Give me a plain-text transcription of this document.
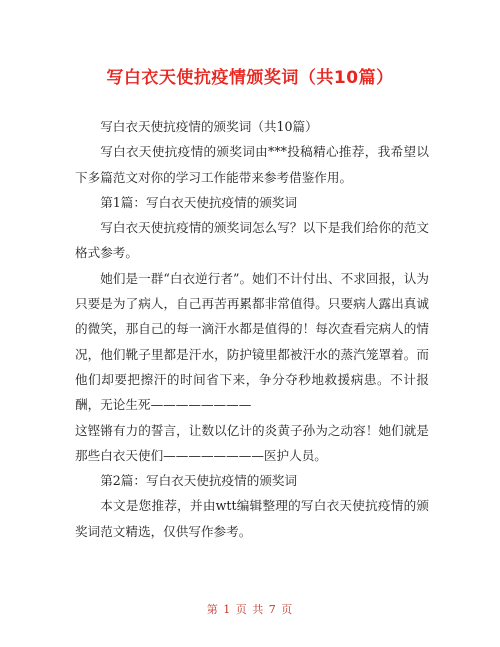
写白衣天使抗疫情颁奖词（共10篇）

写白衣天使抗疫情的颁奖词（共10篇）

写白衣天使抗疫情的颁奖词由***投稿精心推荐，我希望以下多篇范文对你的学习工作能带来参考借鉴作用。

第1篇：写白衣天使抗疫情的颁奖词

写白衣天使抗疫情的颁奖词怎么写？以下是我们给你的范文格式参考。

她们是一群“白衣逆行者”。她们不计付出、不求回报，认为只要是为了病人，自己再苦再累都非常值得。只要病人露出真诚的微笑，那自己的每一滴汗水都是值得的！每次查看完病人的情况，他们靴子里都是汗水，防护镜里都被汗水的蒸汽笼罩着。而他们却要把擦汗的时间省下来，争分夺秒地救援病患。不计报酬，无论生死————————

这铿锵有力的誓言，让数以亿计的炎黄子孙为之动容！她们就是那些白衣天使们————————医护人员。

第2篇：写白衣天使抗疫情的颁奖词

本文是您推荐，并由wtt编辑整理的写白衣天使抗疫情的颁奖词范文精选，仅供写作参考。

第 1 页 共 7 页
